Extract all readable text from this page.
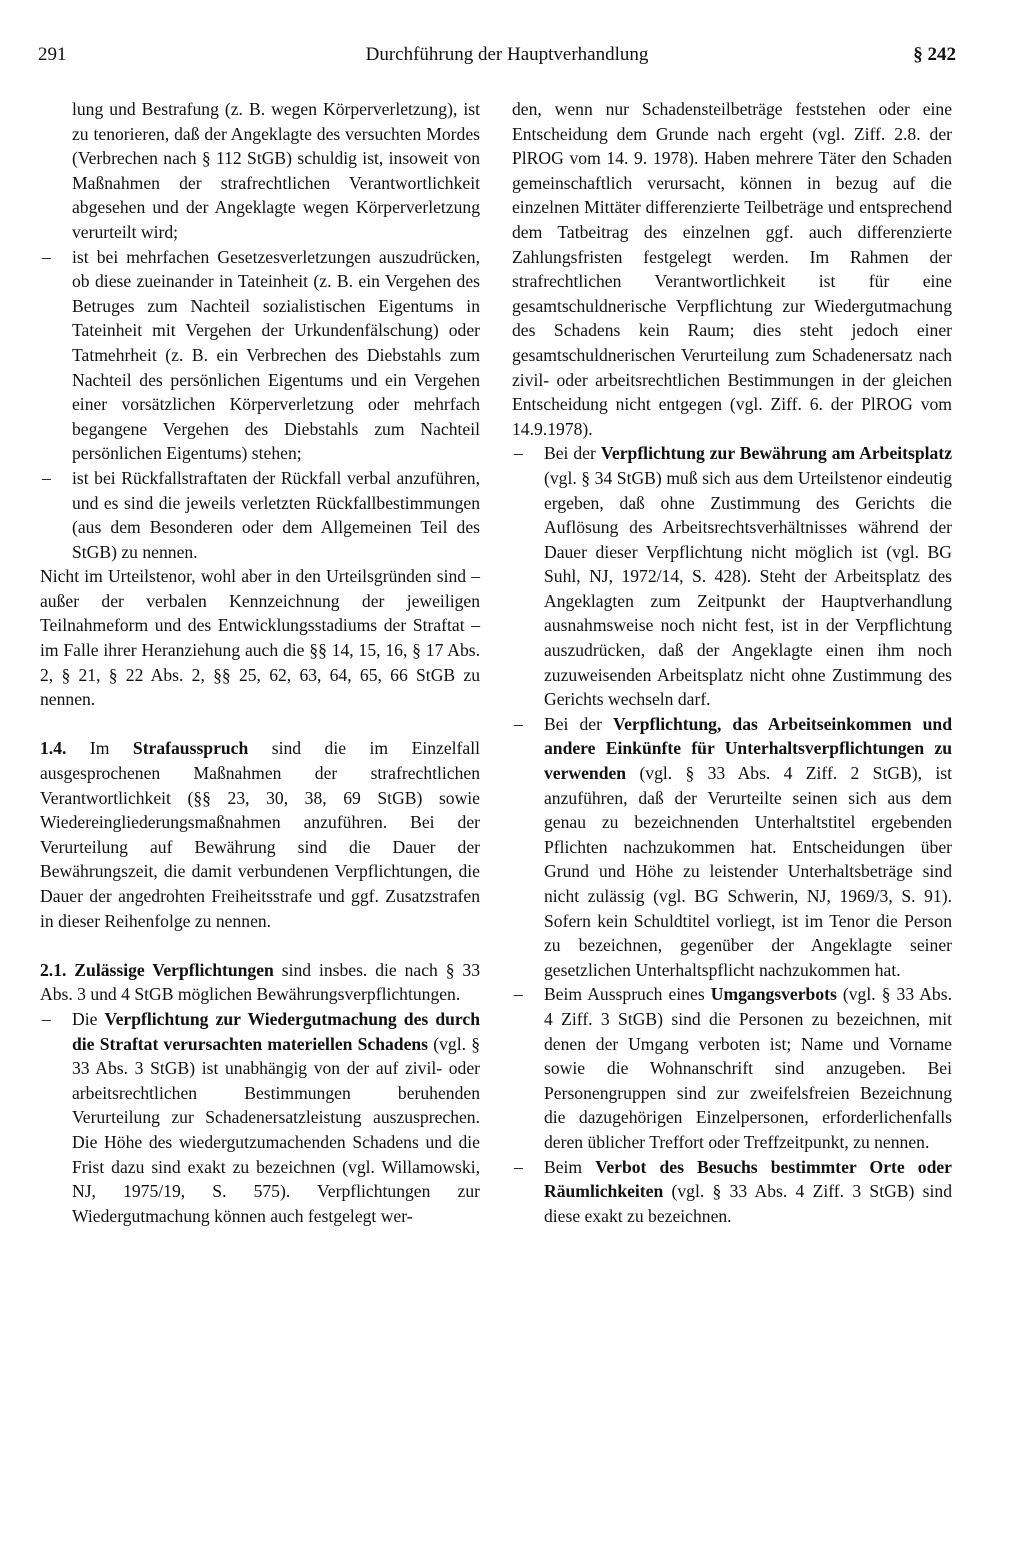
291	Durchführung der Hauptverhandlung	§ 242

lung und Bestrafung (z. B. wegen Körperverletzung), ist zu tenorieren, daß der Angeklagte des versuchten Mordes (Verbrechen nach § 112 StGB) schuldig ist, insoweit von Maßnahmen der strafrechtlichen Verantwortlichkeit abgesehen und der Angeklagte wegen Körperverletzung verurteilt wird;

– ist bei mehrfachen Gesetzesverletzungen auszudrücken, ob diese zueinander in Tateinheit (z. B. ein Vergehen des Betruges zum Nachteil sozialistischen Eigentums in Tateinheit mit Vergehen der Urkundenfälschung) oder Tatmehrheit (z. B. ein Verbrechen des Diebstahls zum Nachteil des persönlichen Eigentums und ein Vergehen einer vorsätzlichen Körperverletzung oder mehrfach begangene Vergehen des Diebstahls zum Nachteil persönlichen Eigentums) stehen;

– ist bei Rückfallstraftaten der Rückfall verbal anzuführen, und es sind die jeweils verletzten Rückfallbestimmungen (aus dem Besonderen oder dem Allgemeinen Teil des StGB) zu nennen.

Nicht im Urteilstenor, wohl aber in den Urteilsgründen sind – außer der verbalen Kennzeichnung der jeweiligen Teilnahmeform und des Entwicklungsstadiums der Straftat – im Falle ihrer Heranziehung auch die §§ 14, 15, 16, § 17 Abs. 2, § 21, § 22 Abs. 2, §§ 25, 62, 63, 64, 65, 66 StGB zu nennen.

1.4. Im Strafausspruch sind die im Einzelfall ausgesprochenen Maßnahmen der strafrechtlichen Verantwortlichkeit (§§ 23, 30, 38, 69 StGB) sowie Wiedereingliederungsmaßnahmen anzuführen. Bei der Verurteilung auf Bewährung sind die Dauer der Bewährungszeit, die damit verbundenen Verpflichtungen, die Dauer der angedrohten Freiheitsstrafe und ggf. Zusatzstrafen in dieser Reihenfolge zu nennen.

2.1. Zulässige Verpflichtungen sind insbes. die nach § 33 Abs. 3 und 4 StGB möglichen Bewährungsverpflichtungen.

– Die Verpflichtung zur Wiedergutmachung des durch die Straftat verursachten materiellen Schadens (vgl. § 33 Abs. 3 StGB) ist unabhängig von der auf zivil- oder arbeitsrechtlichen Bestimmungen beruhenden Verurteilung zur Schadenersatzleistung auszusprechen. Die Höhe des wiedergutzumachenden Schadens und die Frist dazu sind exakt zu bezeichnen (vgl. Willamowski, NJ, 1975/19, S. 575). Verpflichtungen zur Wiedergutmachung können auch festgelegt wer-

den, wenn nur Schadensteilbeträge feststehen oder eine Entscheidung dem Grunde nach ergeht (vgl. Ziff. 2.8. der PlROG vom 14. 9. 1978). Haben mehrere Täter den Schaden gemeinschaftlich verursacht, können in bezug auf die einzelnen Mittäter differenzierte Teilbeträge und entsprechend dem Tatbeitrag des einzelnen ggf. auch differenzierte Zahlungsfristen festgelegt werden. Im Rahmen der strafrechtlichen Verantwortlichkeit ist für eine gesamtschuldnerische Verpflichtung zur Wiedergutmachung des Schadens kein Raum; dies steht jedoch einer gesamtschuldnerischen Verurteilung zum Schadenersatz nach zivil- oder arbeitsrechtlichen Bestimmungen in der gleichen Entscheidung nicht entgegen (vgl. Ziff. 6. der PlROG vom 14.9.1978).

– Bei der Verpflichtung zur Bewährung am Arbeitsplatz (vgl. § 34 StGB) muß sich aus dem Urteilstenor eindeutig ergeben, daß ohne Zustimmung des Gerichts die Auflösung des Arbeitsrechtsverhältnisses während der Dauer dieser Verpflichtung nicht möglich ist (vgl. BG Suhl, NJ, 1972/14, S. 428). Steht der Arbeitsplatz des Angeklagten zum Zeitpunkt der Hauptverhandlung ausnahmsweise noch nicht fest, ist in der Verpflichtung auszudrücken, daß der Angeklagte einen ihm noch zuzuweisenden Arbeitsplatz nicht ohne Zustimmung des Gerichts wechseln darf.

– Bei der Verpflichtung, das Arbeitseinkommen und andere Einkünfte für Unterhaltsverpflichtungen zu verwenden (vgl. § 33 Abs. 4 Ziff. 2 StGB), ist anzuführen, daß der Verurteilte seinen sich aus dem genau zu bezeichnenden Unterhaltstitel ergebenden Pflichten nachzukommen hat. Entscheidungen über Grund und Höhe zu leistender Unterhaltsbeträge sind nicht zulässig (vgl. BG Schwerin, NJ, 1969/3, S. 91). Sofern kein Schuldtitel vorliegt, ist im Tenor die Person zu bezeichnen, gegenüber der Angeklagte seiner gesetzlichen Unterhaltspflicht nachzukommen hat.

– Beim Ausspruch eines Umgangsverbots (vgl. § 33 Abs. 4 Ziff. 3 StGB) sind die Personen zu bezeichnen, mit denen der Umgang verboten ist; Name und Vorname sowie die Wohnanschrift sind anzugeben. Bei Personengruppen sind zur zweifelsfreien Bezeichnung die dazugehörigen Einzelpersonen, erforderlichenfalls deren üblicher Treffort oder Treffzeitpunkt, zu nennen.

– Beim Verbot des Besuchs bestimmter Orte oder Räumlichkeiten (vgl. § 33 Abs. 4 Ziff. 3 StGB) sind diese exakt zu bezeichnen.
